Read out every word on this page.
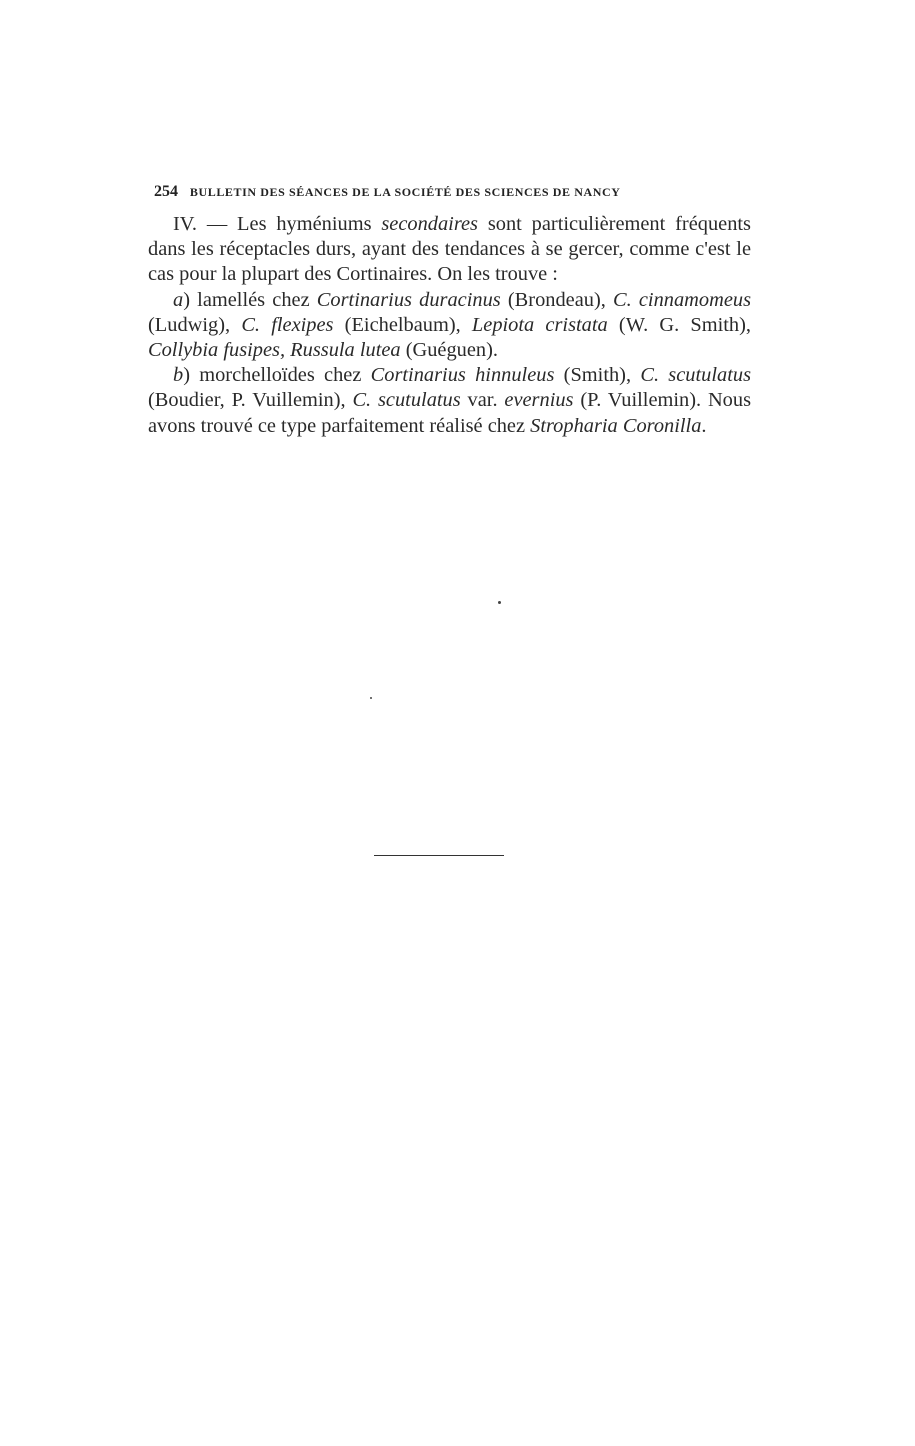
254 BULLETIN DES SÉANCES DE LA SOCIÉTÉ DES SCIENCES DE NANCY

IV. — Les hyméniums secondaires sont particulièrement fréquents dans les réceptacles durs, ayant des tendances à se gercer, comme c'est le cas pour la plupart des Cortinaires. On les trouve :

a) lamellés chez Cortinarius duracinus (Brondeau), C. cinnamomeus (Ludwig), C. flexipes (Eichelbaum), Lepiota cristata (W. G. Smith), Collybia fusipes, Russula lutea (Guéguen).

b) morchelloïdes chez Cortinarius hinnuleus (Smith), C. scutulatus (Boudier, P. Vuillemin), C. scutulatus var. evernius (P. Vuillemin). Nous avons trouvé ce type parfaitement réalisé chez Stropharia Coronilla.
